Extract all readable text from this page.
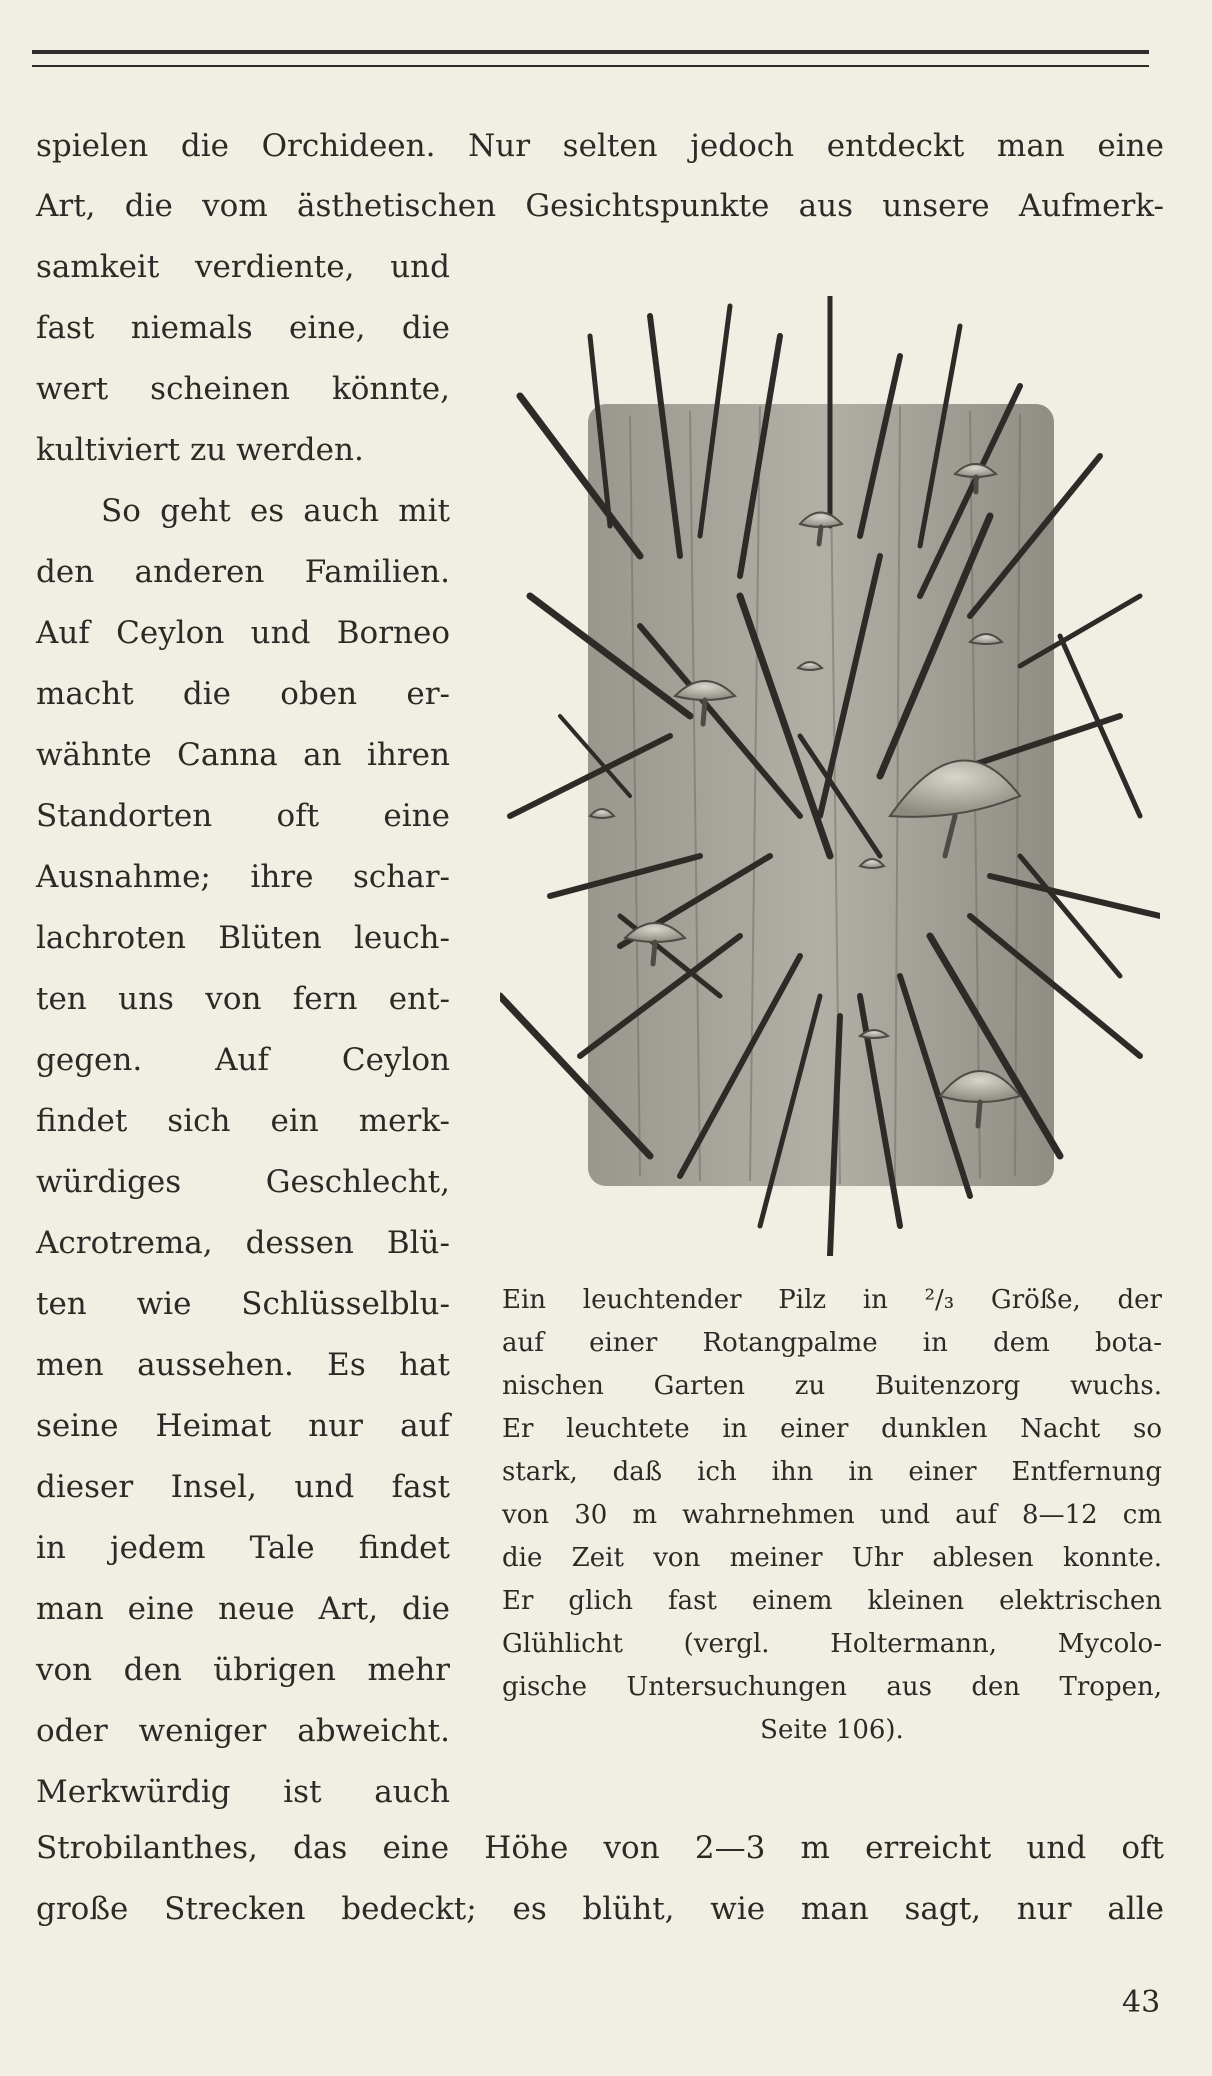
spielen die Orchideen. Nur selten jedoch entdeckt man eine
Art, die vom ästhetischen Gesichtspunkte aus unsere Aufmerk-
samkeit verdiente, und
fast niemals eine, die
wert scheinen könnte,
kultiviert zu werden.
So geht es auch mit
den anderen Familien.
Auf Ceylon und Borneo
macht die oben er-
wähnte Canna an ihren
Standorten oft eine
Ausnahme; ihre schar-
lachroten Blüten leuch-
ten uns von fern ent-
gegen. Auf Ceylon
findet sich ein merk-
würdiges Geschlecht,
Acrotrema, dessen Blü-
ten wie Schlüsselblu-
men aussehen. Es hat
seine Heimat nur auf
dieser Insel, und fast
in jedem Tale findet
man eine neue Art, die
von den übrigen mehr
oder weniger abweicht.
Merkwürdig ist auch
Strobilanthes, das eine Höhe von 2—3 m erreicht und oft
große Strecken bedeckt; es blüht, wie man sagt, nur alle
Ein leuchtender Pilz in ²/₃ Größe, der
auf einer Rotangpalme in dem bota-
nischen Garten zu Buitenzorg wuchs.
Er leuchtete in einer dunklen Nacht so
stark, daß ich ihn in einer Entfernung
von 30 m wahrnehmen und auf 8—12 cm
die Zeit von meiner Uhr ablesen konnte.
Er glich fast einem kleinen elektrischen
Glühlicht (vergl. Holtermann, Mycolo-
gische Untersuchungen aus den Tropen,
Seite 106).
43
